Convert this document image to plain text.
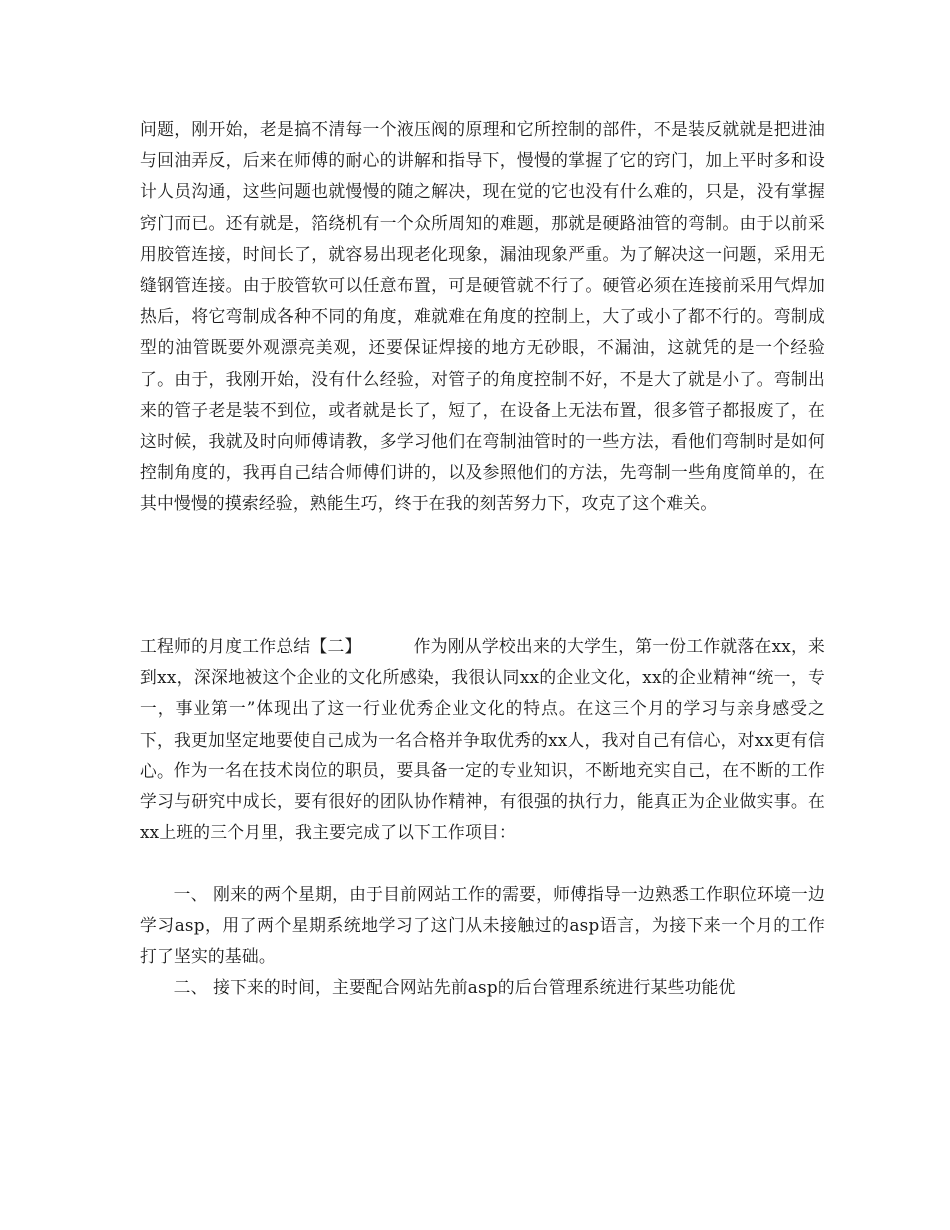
问题，刚开始，老是搞不清每一个液压阀的原理和它所控制的部件，不是装反就就是把进油与回油弄反，后来在师傅的耐心的讲解和指导下，慢慢的掌握了它的窍门，加上平时多和设计人员沟通，这些问题也就慢慢的随之解决，现在觉的它也没有什么难的，只是，没有掌握窍门而已。还有就是，箔绕机有一个众所周知的难题，那就是硬路油管的弯制。由于以前采用胶管连接，时间长了，就容易出现老化现象，漏油现象严重。为了解决这一问题，采用无缝钢管连接。由于胶管软可以任意布置，可是硬管就不行了。硬管必须在连接前采用气焊加热后，将它弯制成各种不同的角度，难就难在角度的控制上，大了或小了都不行的。弯制成型的油管既要外观漂亮美观，还要保证焊接的地方无砂眼，不漏油，这就凭的是一个经验了。由于，我刚开始，没有什么经验，对管子的角度控制不好，不是大了就是小了。弯制出来的管子老是装不到位，或者就是长了，短了，在设备上无法布置，很多管子都报废了，在这时候，我就及时向师傅请教，多学习他们在弯制油管时的一些方法，看他们弯制时是如何控制角度的，我再自己结合师傅们讲的，以及参照他们的方法，先弯制一些角度简单的，在其中慢慢的摸索经验，熟能生巧，终于在我的刻苦努力下，攻克了这个难关。

工程师的月度工作总结【二】	作为刚从学校出来的大学生，第一份工作就落在xx，来到xx，深深地被这个企业的文化所感染，我很认同xx的企业文化，xx的企业精神“统一，专一，事业第一”体现出了这一行业优秀企业文化的特点。在这三个月的学习与亲身感受之下，我更加坚定地要使自己成为一名合格并争取优秀的xx人，我对自己有信心，对xx更有信心。 作为一名在技术岗位的职员，要具备一定的专业知识，不断地充实自己，在不断的工作学习与研究中成长，要有很好的团队协作精神，有很强的执行力，能真正为企业做实事。在xx上班的三个月里，我主要完成了以下工作项目：

一、 刚来的两个星期，由于目前网站工作的需要，师傅指导一边熟悉工作职位环境一边学习asp，用了两个星期系统地学习了这门从未接触过的asp语言，为接下来一个月的工作打了坚实的基础。

二、 接下来的时间，主要配合网站先前asp的后台管理系统进行某些功能优
